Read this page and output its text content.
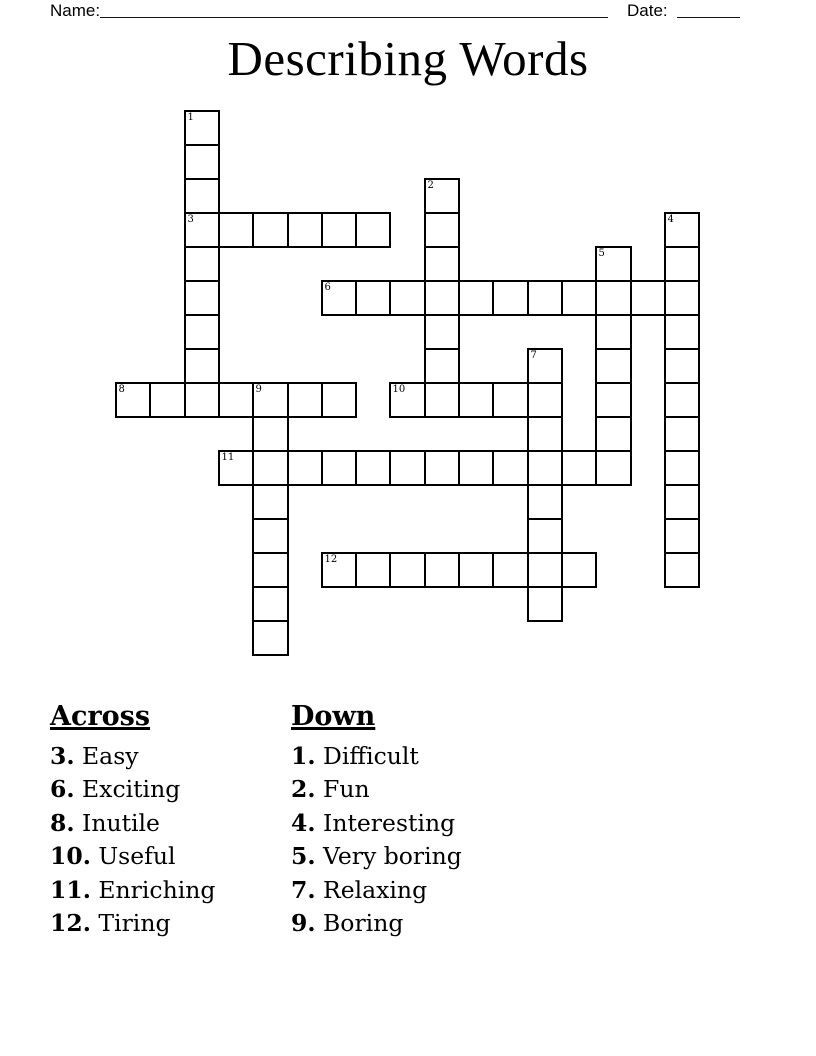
Name:	Date:
Describing Words
1
2
3	4
5
6
7
8	9	10
11
12
Across
3. Easy
6. Exciting
8. Inutile
10. Useful
11. Enriching
12. Tiring
Down
1. Difficult
2. Fun
4. Interesting
5. Very boring
7. Relaxing
9. Boring
